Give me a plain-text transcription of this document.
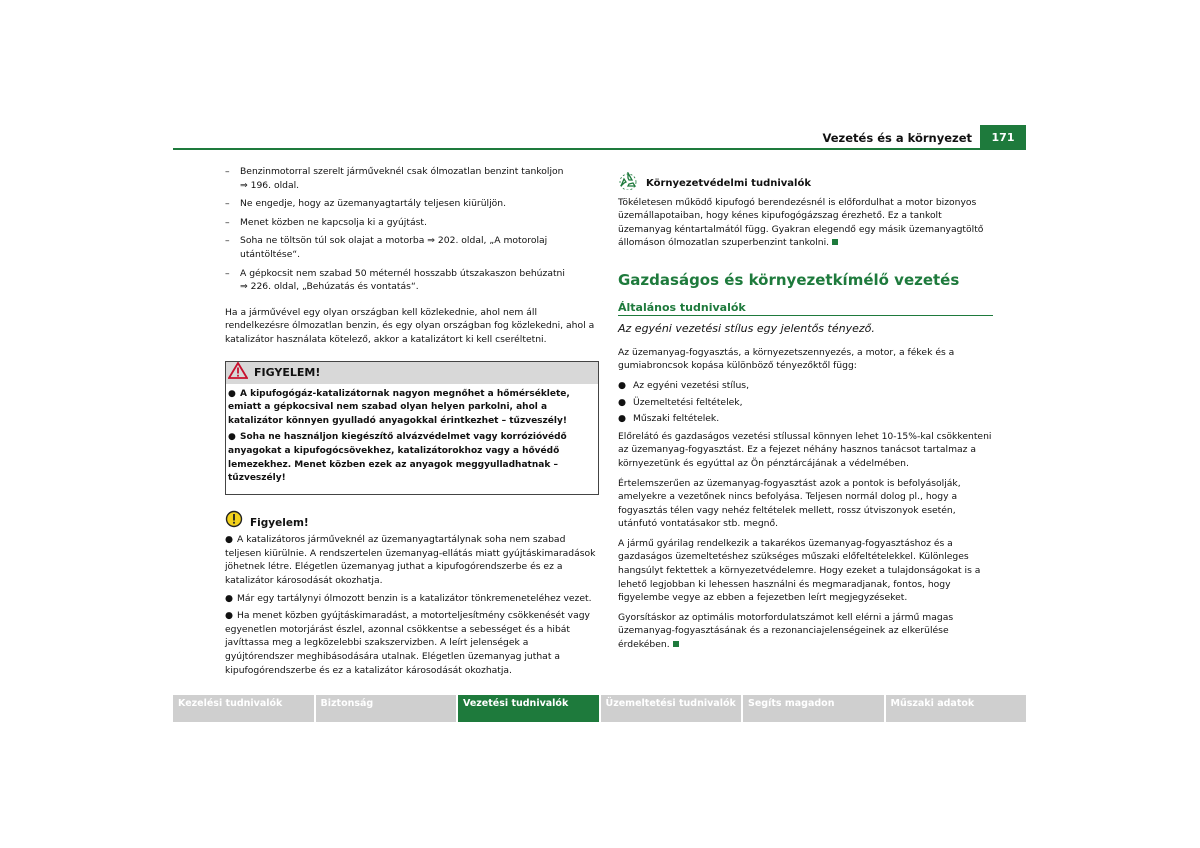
Vezetés és a környezet	171
– Benzinmotorral szerelt járműveknél csak ólmozatlan benzint tankoljon
⇒ 196. oldal.
– Ne engedje, hogy az üzemanyagtartály teljesen kiürüljön.
– Menet közben ne kapcsolja ki a gyújtást.
– Soha ne töltsön túl sok olajat a motorba ⇒ 202. oldal, „A motorolaj utántöltése“.
– A gépkocsit nem szabad 50 méternél hosszabb útszakaszon behúzatni
⇒ 226. oldal, „Behúzatás és vontatás“.

Ha a járművével egy olyan országban kell közlekednie, ahol nem áll rendelkezésre ólmozatlan benzin, és egy olyan országban fog közlekedni, ahol a katalizátor használata kötelező, akkor a katalizátort ki kell cseréltetni.

FIGYELEM!

● A kipufogógáz-katalizátornak nagyon megnőhet a hőmérséklete, emiatt a gépkocsival nem szabad olyan helyen parkolni, ahol a katalizátor könnyen gyulladó anyagokkal érintkezhet – tűzveszély!

● Soha ne használjon kiegészítő alvázvédelmet vagy korrózióvédő anyagokat a kipufogócsövekhez, katalizátorokhoz vagy a hővédő lemezekhez. Menet közben ezek az anyagok meggyulladhatnak – tűzveszély!

Figyelem!

● A katalizátoros járműveknél az üzemanyagtartálynak soha nem szabad teljesen kiürülnie. A rendszertelen üzemanyag-ellátás miatt gyújtáskimaradások jöhetnek létre. Elégetlen üzemanyag juthat a kipufogórendszerbe és ez a katalizátor károsodását okozhatja.

● Már egy tartálynyi ólmozott benzin is a katalizátor tönkremeneteléhez vezet.

● Ha menet közben gyújtáskimaradást, a motorteljesítmény csökkenését vagy egyenetlen motorjárást észlel, azonnal csökkentse a sebességet és a hibát javíttassa meg a legközelebbi szakszervizben. A leírt jelenségek a gyújtórendszer meghibásodására utalnak. Elégetlen üzemanyag juthat a kipufogórendszerbe és ez a katalizátor károsodását okozhatja.

Környezetvédelmi tudnivalók

Tökéletesen működő kipufogó berendezésnél is előfordulhat a motor bizonyos üzemállapotaiban, hogy kénes kipufogógázszag érezhető. Ez a tankolt üzemanyag kéntartalmától függ. Gyakran elegendő egy másik üzemanyagtöltő állomáson ólmozatlan szuperbenzint tankolni.

Gazdaságos és környezetkímélő vezetés
Általános tudnivalók

Az egyéni vezetési stílus egy jelentős tényező.

Az üzemanyag-fogyasztás, a környezetszennyezés, a motor, a fékek és a gumiabroncsok kopása különböző tényezőktől függ:

● Az egyéni vezetési stílus,
● Üzemeltetési feltételek,
● Műszaki feltételek.

Előrelátó és gazdaságos vezetési stílussal könnyen lehet 10-15%-kal csökkenteni az üzemanyag-fogyasztást. Ez a fejezet néhány hasznos tanácsot tartalmaz a környezetünk és egyúttal az Ön pénztárcájának a védelmében.

Értelemszerűen az üzemanyag-fogyasztást azok a pontok is befolyásolják, amelyekre a vezetőnek nincs befolyása. Teljesen normál dolog pl., hogy a fogyasztás télen vagy nehéz feltételek mellett, rossz útviszonyok esetén, utánfutó vontatásakor stb. megnő.

A jármű gyárilag rendelkezik a takarékos üzemanyag-fogyasztáshoz és a gazdaságos üzemeltetéshez szükséges műszaki előfeltételekkel. Különleges hangsúlyt fektettek a környezetvédelemre. Hogy ezeket a tulajdonságokat is a lehető legjobban ki lehessen használni és megmaradjanak, fontos, hogy figyelembe vegye az ebben a fejezetben leírt megjegyzéseket.

Gyorsításkor az optimális motorfordulatszámot kell elérni a jármű magas üzemanyag-fogyasztásának és a rezonanciajelenségeinek az elkerülése érdekében.

Kezelési tudnivalók	Biztonság	Vezetési tudnivalók	Üzemeltetési tudnivalók	Segíts magadon	Műszaki adatok
